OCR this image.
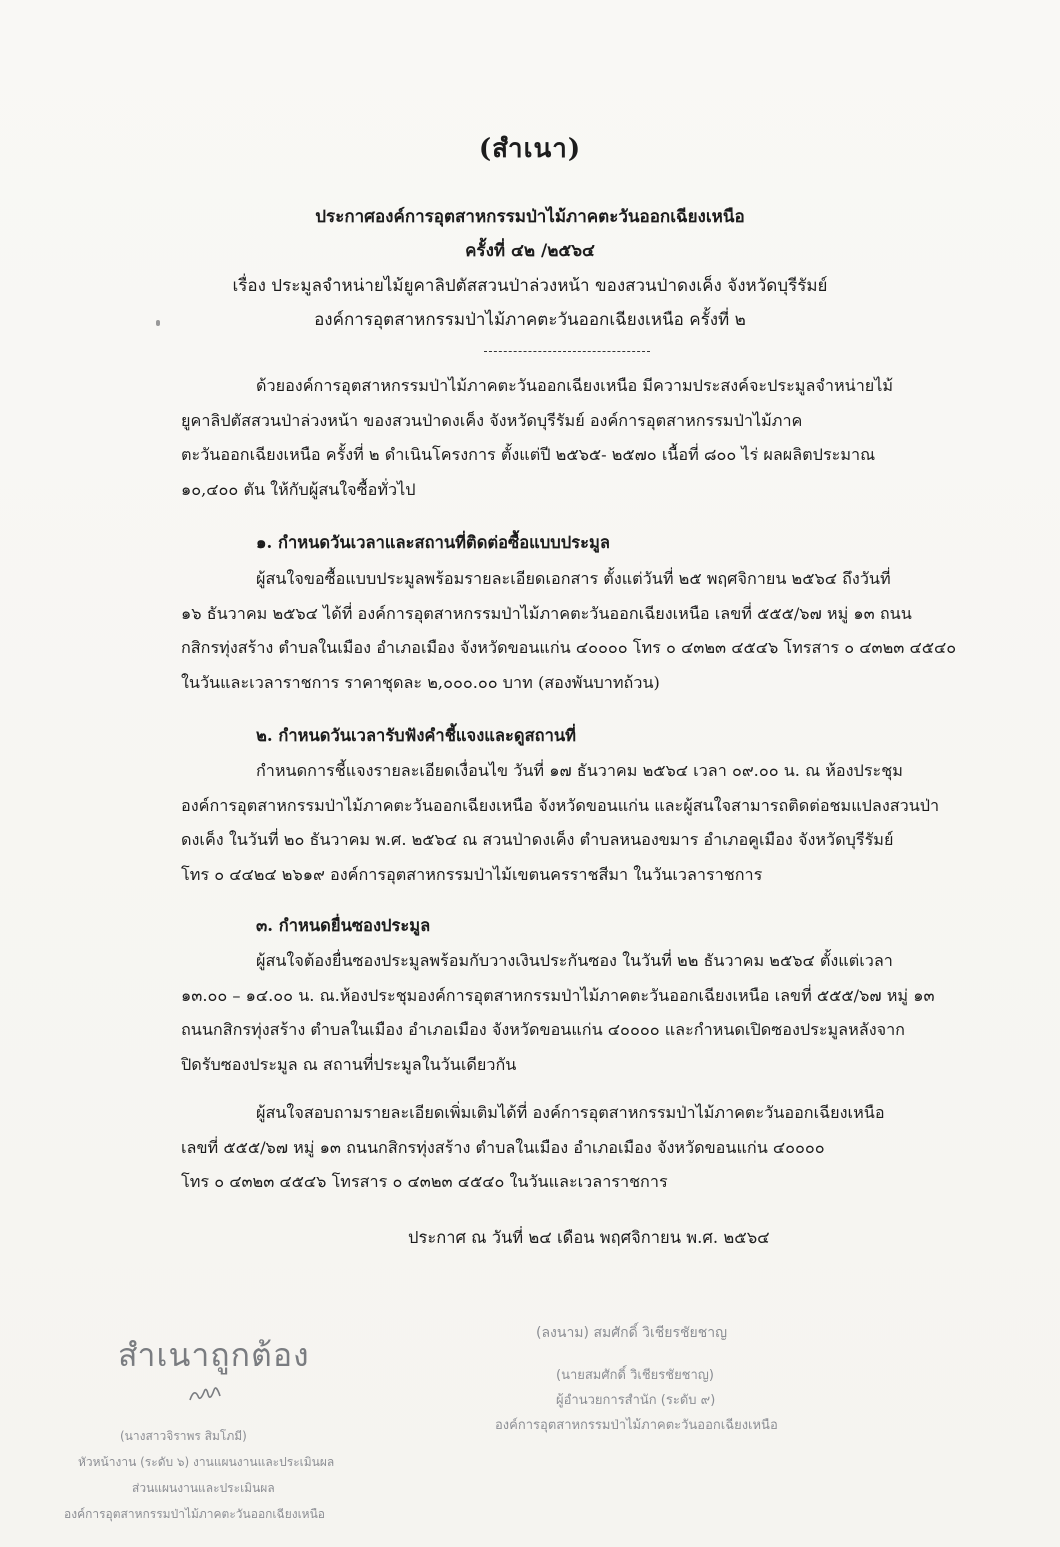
(สำเนา)
ประกาศองค์การอุตสาหกรรมป่าไม้ภาคตะวันออกเฉียงเหนือ
ครั้งที่ ๔๒ /๒๕๖๔
เรื่อง ประมูลจำหน่ายไม้ยูคาลิปตัสสวนป่าล่วงหน้า ของสวนป่าดงเค็ง จังหวัดบุรีรัมย์
องค์การอุตสาหกรรมป่าไม้ภาคตะวันออกเฉียงเหนือ ครั้งที่ ๒

ด้วยองค์การอุตสาหกรรมป่าไม้ภาคตะวันออกเฉียงเหนือ มีความประสงค์จะประมูลจำหน่ายไม้

ยูคาลิปตัสสวนป่าล่วงหน้า ของสวนป่าดงเค็ง จังหวัดบุรีรัมย์ องค์การอุตสาหกรรมป่าไม้ภาค

ตะวันออกเฉียงเหนือ ครั้งที่ ๒ ดำเนินโครงการ ตั้งแต่ปี ๒๕๖๕- ๒๕๗๐ เนื้อที่ ๘๐๐ ไร่ ผลผลิตประมาณ

๑๐,๔๐๐ ตัน ให้กับผู้สนใจซื้อทั่วไป

๑. กำหนดวันเวลาและสถานที่ติดต่อซื้อแบบประมูล

ผู้สนใจขอซื้อแบบประมูลพร้อมรายละเอียดเอกสาร ตั้งแต่วันที่ ๒๕ พฤศจิกายน ๒๕๖๔ ถึงวันที่

๑๖ ธันวาคม ๒๕๖๔ ได้ที่ องค์การอุตสาหกรรมป่าไม้ภาคตะวันออกเฉียงเหนือ เลขที่ ๕๕๕/๖๗ หมู่ ๑๓ ถนน

กสิกรทุ่งสร้าง ตำบลในเมือง อำเภอเมือง จังหวัดขอนแก่น ๔๐๐๐๐ โทร ๐ ๔๓๒๓ ๔๕๔๖ โทรสาร ๐ ๔๓๒๓ ๔๕๔๐

ในวันและเวลาราชการ ราคาชุดละ ๒,๐๐๐.๐๐ บาท (สองพันบาทถ้วน)

๒. กำหนดวันเวลารับฟังคำชี้แจงและดูสถานที่

กำหนดการชี้แจงรายละเอียดเงื่อนไข วันที่ ๑๗ ธันวาคม ๒๕๖๔ เวลา ๐๙.๐๐ น. ณ ห้องประชุม

องค์การอุตสาหกรรมป่าไม้ภาคตะวันออกเฉียงเหนือ จังหวัดขอนแก่น และผู้สนใจสามารถติดต่อชมแปลงสวนป่า

ดงเค็ง ในวันที่ ๒๐ ธันวาคม พ.ศ. ๒๕๖๔ ณ สวนป่าดงเค็ง ตำบลหนองขมาร อำเภอคูเมือง จังหวัดบุรีรัมย์

โทร ๐ ๔๔๒๔ ๒๖๑๙ องค์การอุตสาหกรรมป่าไม้เขตนครราชสีมา ในวันเวลาราชการ

๓. กำหนดยื่นซองประมูล

ผู้สนใจต้องยื่นซองประมูลพร้อมกับวางเงินประกันซอง ในวันที่ ๒๒ ธันวาคม ๒๕๖๔ ตั้งแต่เวลา

๑๓.๐๐ – ๑๔.๐๐ น. ณ.ห้องประชุมองค์การอุตสาหกรรมป่าไม้ภาคตะวันออกเฉียงเหนือ เลขที่ ๕๕๕/๖๗ หมู่ ๑๓

ถนนกสิกรทุ่งสร้าง ตำบลในเมือง อำเภอเมือง จังหวัดขอนแก่น ๔๐๐๐๐ และกำหนดเปิดซองประมูลหลังจาก

ปิดรับซองประมูล ณ สถานที่ประมูลในวันเดียวกัน

ผู้สนใจสอบถามรายละเอียดเพิ่มเติมได้ที่ องค์การอุตสาหกรรมป่าไม้ภาคตะวันออกเฉียงเหนือ

เลขที่ ๕๕๕/๖๗ หมู่ ๑๓ ถนนกสิกรทุ่งสร้าง ตำบลในเมือง อำเภอเมือง จังหวัดขอนแก่น ๔๐๐๐๐

โทร ๐ ๔๓๒๓ ๔๕๔๖ โทรสาร ๐ ๔๓๒๓ ๔๕๔๐ ในวันและเวลาราชการ

ประกาศ ณ วันที่ ๒๔ เดือน พฤศจิกายน พ.ศ. ๒๕๖๔
(ลงนาม) สมศักดิ์ วิเชียรชัยชาญ
(นายสมศักดิ์ วิเชียรชัยชาญ)
ผู้อำนวยการสำนัก (ระดับ ๙)
องค์การอุตสาหกรรมป่าไม้ภาคตะวันออกเฉียงเหนือ
สำเนาถูกต้อง
(นางสาวจิราพร สิมโภมี)
หัวหน้างาน (ระดับ ๖) งานแผนงานและประเมินผล
ส่วนแผนงานและประเมินผล
องค์การอุตสาหกรรมป่าไม้ภาคตะวันออกเฉียงเหนือ
